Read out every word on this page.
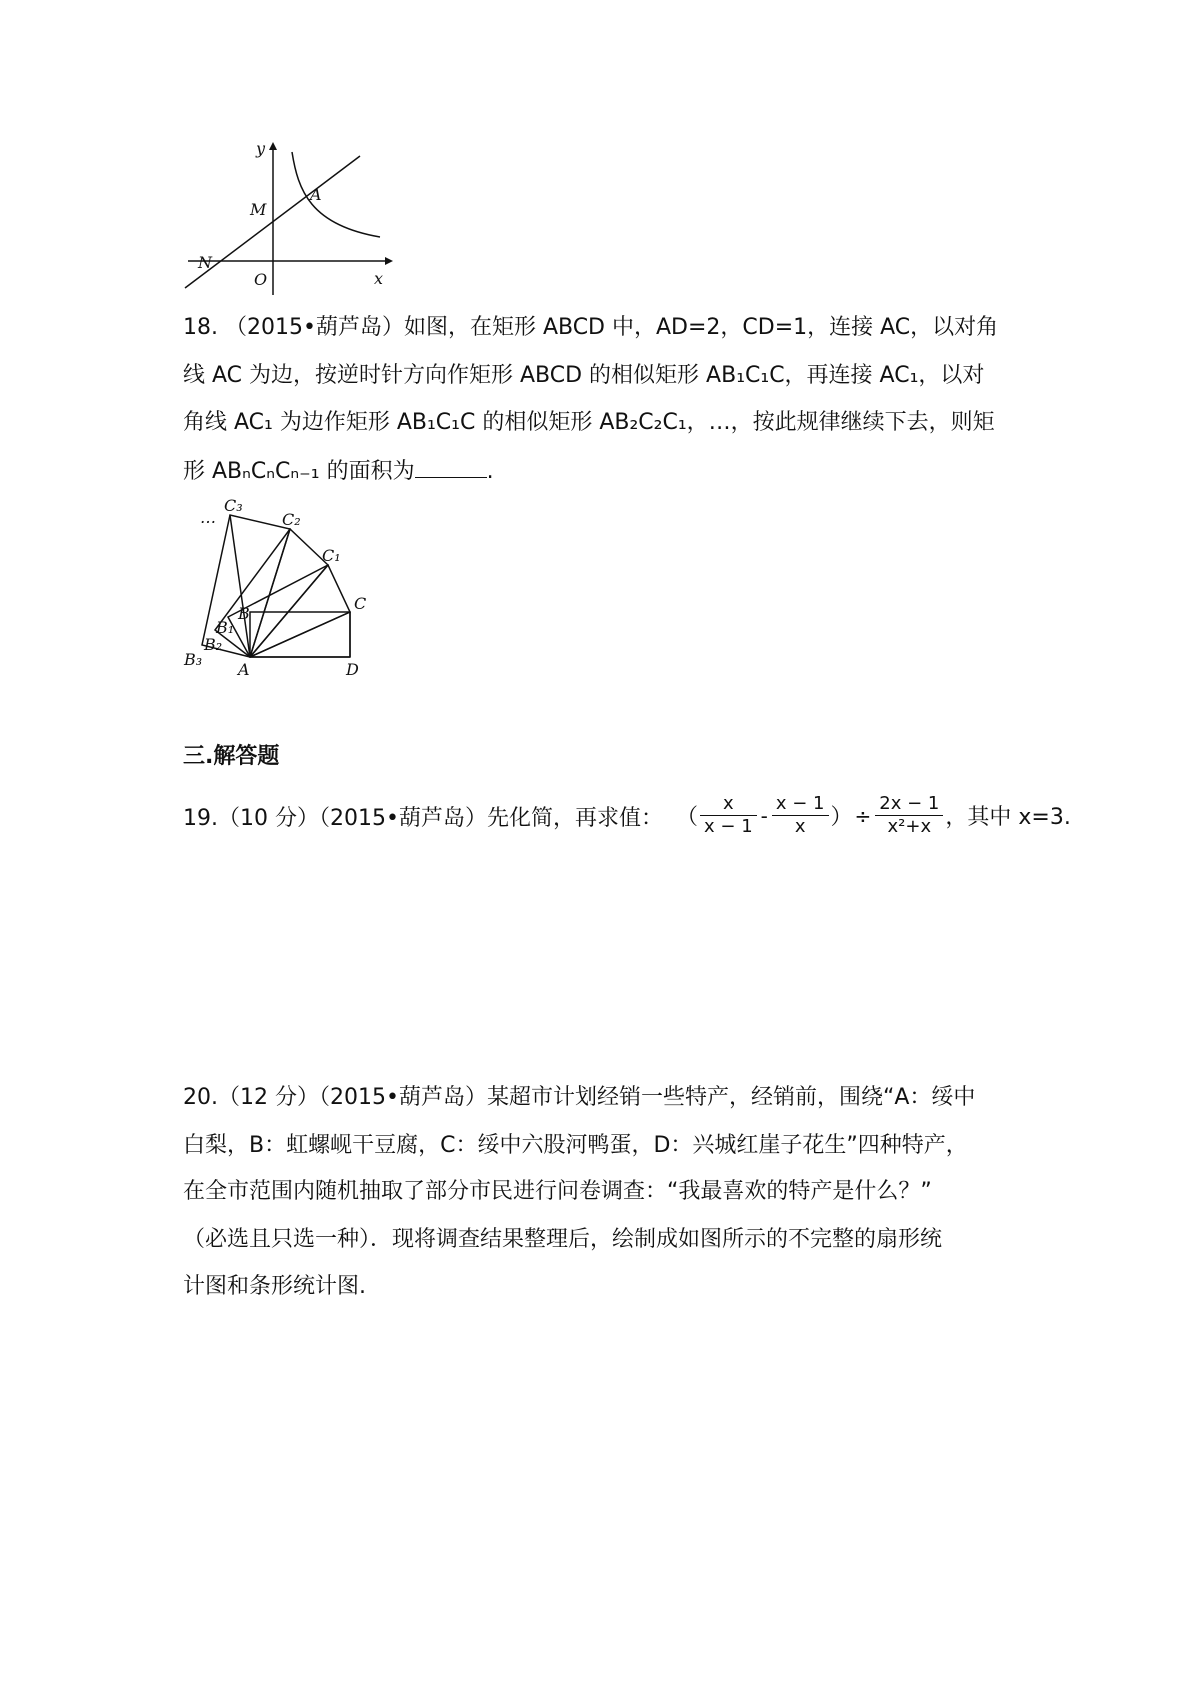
y
x
O
M
A
N
18. （2015•葫芦岛）如图，在矩形 ABCD 中，AD=2，CD=1，连接 AC，以对角
线 AC 为边，按逆时针方向作矩形 ABCD 的相似矩形 AB₁C₁C，再连接 AC₁，以对
角线 AC₁ 为边作矩形 AB₁C₁C 的相似矩形 AB₂C₂C₁，…，按此规律继续下去，则矩
形 ABₙCₙCₙ₋₁ 的面积为	.
…
C₃
C₂
C₁
C
B
B₁
B₂
B₃
A	D
三.解答题
19.（10 分）（2015•葫芦岛）先化简，再求值： （ $\frac{x}{x - 1} - \frac{x - 1}{x}$ ） ÷ $\frac{2x - 1}{\text{x²+x}}$ ，其中 x=3.
20.（12 分）（2015•葫芦岛）某超市计划经销一些特产，经销前，围绕“A：绥中
白梨，B：虹螺岘干豆腐，C：绥中六股河鸭蛋，D：兴城红崖子花生”四种特产，
在全市范围内随机抽取了部分市民进行问卷调查：“我最喜欢的特产是什么？”
（必选且只选一种）．现将调查结果整理后，绘制成如图所示的不完整的扇形统
计图和条形统计图.
